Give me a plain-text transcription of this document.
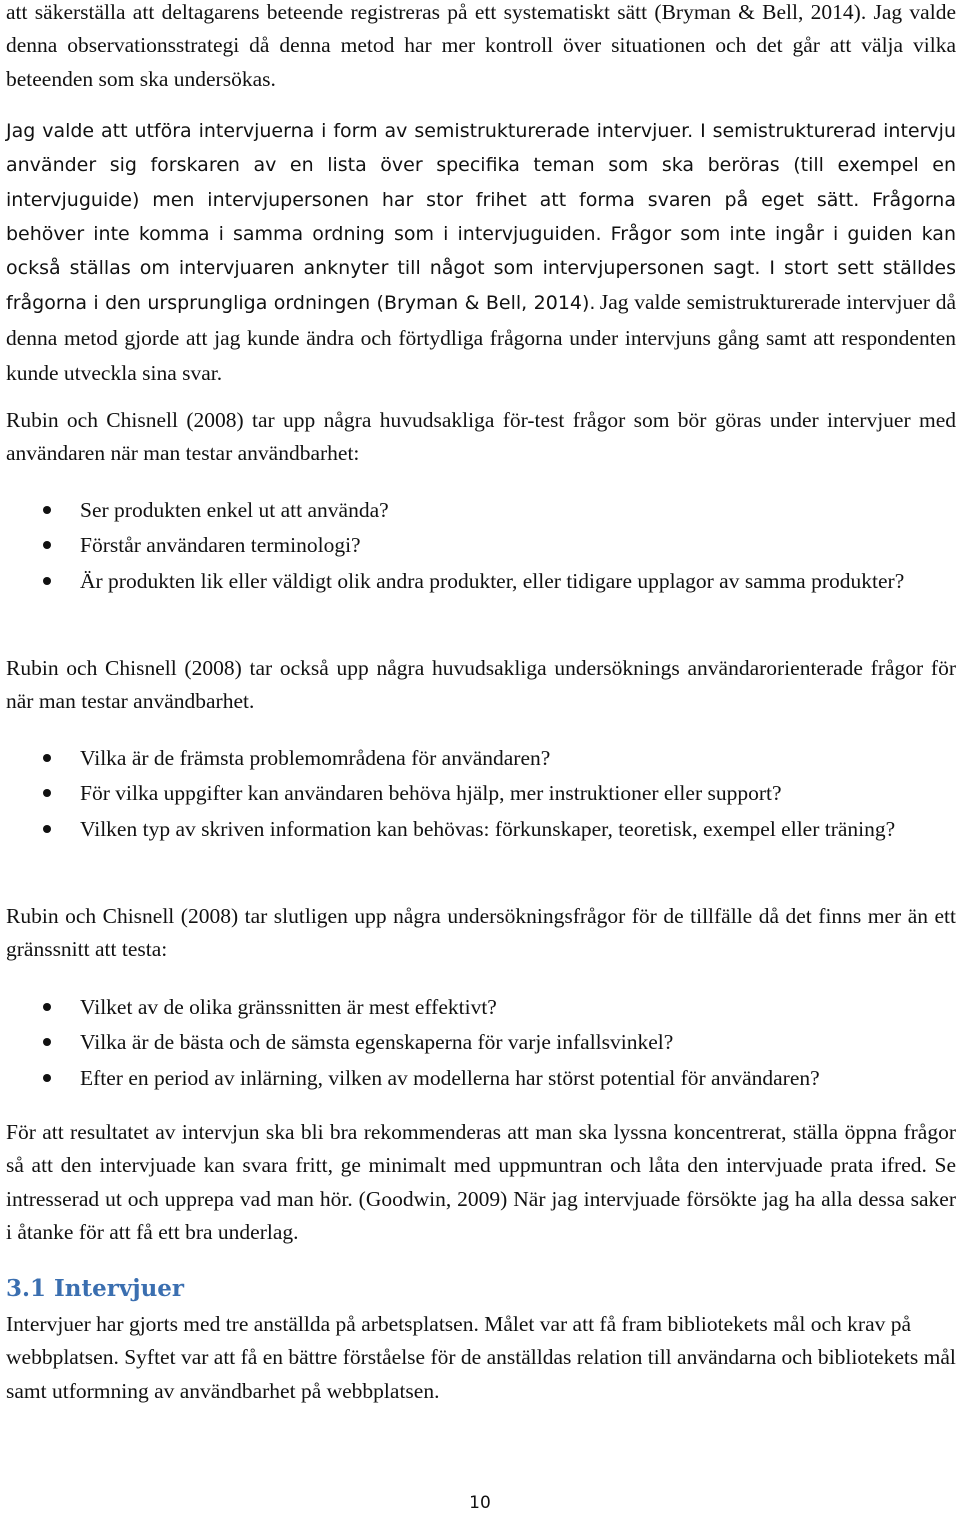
att säkerställa att deltagarens beteende registreras på ett systematiskt sätt (Bryman & Bell, 2014). Jag valde denna observationsstrategi då denna metod har mer kontroll över situationen och det går att välja vilka beteenden som ska undersökas.

Jag valde att utföra intervjuerna i form av semistrukturerade intervjuer. I semistrukturerad intervju använder sig forskaren av en lista över specifika teman som ska beröras (till exempel en intervjuguide) men intervjupersonen har stor frihet att forma svaren på eget sätt. Frågorna behöver inte komma i samma ordning som i intervjuguiden. Frågor som inte ingår i guiden kan också ställas om intervjuaren anknyter till något som intervjupersonen sagt. I stort sett ställdes frågorna i den ursprungliga ordningen (Bryman & Bell, 2014). Jag valde semistrukturerade intervjuer då denna metod gjorde att jag kunde ändra och förtydliga frågorna under intervjuns gång samt att respondenten kunde utveckla sina svar.

Rubin och Chisnell (2008) tar upp några huvudsakliga för-test frågor som bör göras under intervjuer med användaren när man testar användbarhet:

Ser produkten enkel ut att använda?
Förstår användaren terminologi?
Är produkten lik eller väldigt olik andra produkter, eller tidigare upplagor av samma produkter?

Rubin och Chisnell (2008) tar också upp några huvudsakliga undersöknings användarorienterade frågor för när man testar användbarhet.

Vilka är de främsta problemområdena för användaren?
För vilka uppgifter kan användaren behöva hjälp, mer instruktioner eller support?
Vilken typ av skriven information kan behövas: förkunskaper, teoretisk, exempel eller träning?

Rubin och Chisnell (2008) tar slutligen upp några undersökningsfrågor för de tillfälle då det finns mer än ett gränssnitt att testa:

Vilket av de olika gränssnitten är mest effektivt?
Vilka är de bästa och de sämsta egenskaperna för varje infallsvinkel?
Efter en period av inlärning, vilken av modellerna har störst potential för användaren?

För att resultatet av intervjun ska bli bra rekommenderas att man ska lyssna koncentrerat, ställa öppna frågor så att den intervjuade kan svara fritt, ge minimalt med uppmuntran och låta den intervjuade prata ifred. Se intresserad ut och upprepa vad man hör. (Goodwin, 2009) När jag intervjuade försökte jag ha alla dessa saker i åtanke för att få ett bra underlag.

3.1 Intervjuer

Intervjuer har gjorts med tre anställda på arbetsplatsen. Målet var att få fram bibliotekets mål och krav på webbplatsen. Syftet var att få en bättre förståelse för de anställdas relation till användarna och bibliotekets mål samt utformning av användbarhet på webbplatsen.

10
